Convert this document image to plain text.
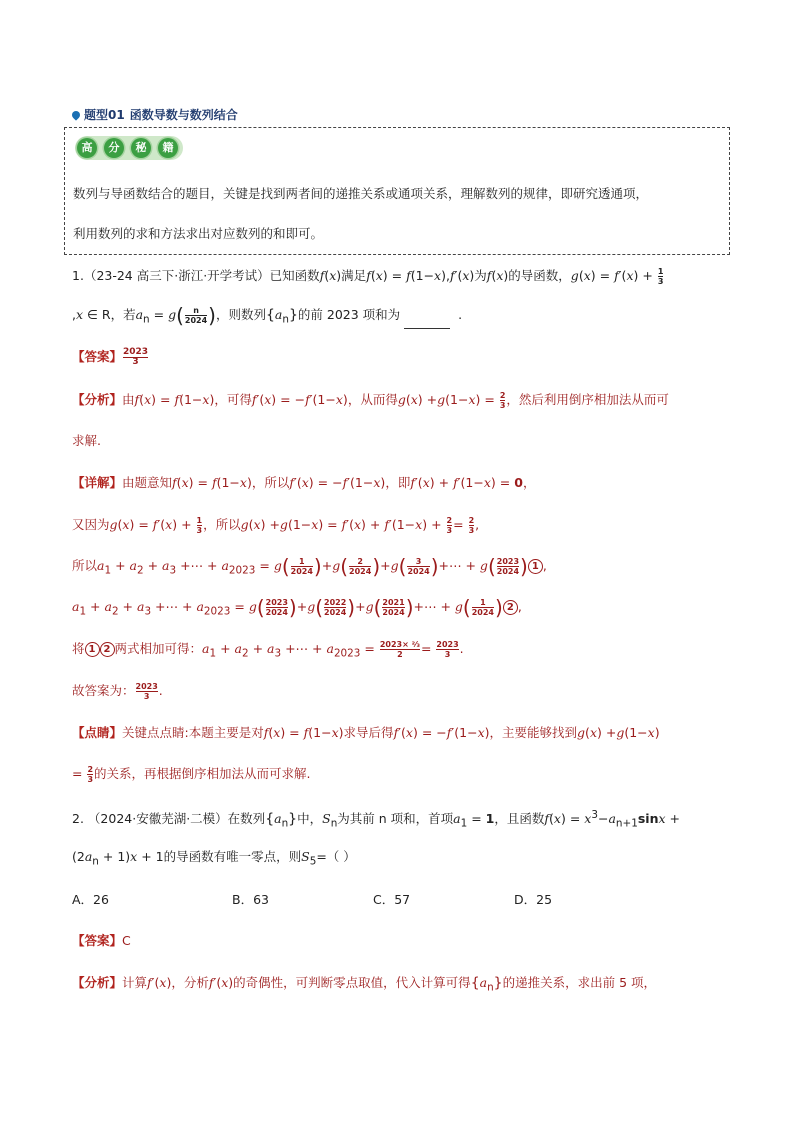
题型01 函数导数与数列结合
高	分	秘	籍
数列与导函数结合的题目，关键是找到两者间的递推关系或通项关系，理解数列的规律，即研究透通项，
利用数列的求和方法求出对应数列的和即可。
1.（23-24 高三下·浙江·开学考试）已知函数f(x)满足f(x) = f(1−x),f′(x)为f(x)的导函数，$g(x) = f'(x) + \frac{1}{3}$
,x ∈ R，若$a_n = g( \frac{n}{2024}$ )，则数列$\{a_n\}$的前 2023 项和为	.
【答案】 $\frac{2023}{3}$
【分析】由f(x) = f(1−x)，可得f′(x) = −f′(1−x)，从而得$g(x) +g(1-x) = \frac{2}{3}$ ，然后利用倒序相加法从而可
求解.
【详解】由题意知f(x) = f(1−x)，所以f′(x) = −f′(1−x)，即f′(x) + f′(1−x) = 0，
又因为$g(x) = f'(x) + \frac{1}{3}$ ，所以$g(x) +g(1-x) = f'(x) + f'(1-x) + \frac{2}{3} = \frac{2}{3}$ ,
所以$a_1 + a_2 + a_3$ +⋯ + $a_{2023} = g( \frac{1}{2024} )+g( \frac{2}{2024} )+g( \frac{3}{2024}$ )+⋯ + $g( \frac{2023}{2024}$ ) 1 ,
$a_1 + a_2 + a_3$ +⋯ + $a_{2023} = g( \frac{2023}{2024} )+g( \frac{2022}{2024} )+g( \frac{2021}{2024}$ )+⋯ + $g( \frac{1}{2024}$ ) 2 ,
将 1 2 两式相加可得：$a_1 + a_2 + a_3$ +⋯ + $a_{2023} = \frac{\text{2023× ²⁄₃}}{2} = \frac{2023}{3}$ .
故答案为： $\frac{2023}{3}$ .
【点睛】关键点点睛:本题主要是对f(x) = f(1−x)求导后得f′(x) = −f′(1−x)，主要能够找到g(x) +g(1−x)
= $\frac{2}{3}$ 的关系，再根据倒序相加法从而可求解.
2. （2024·安徽芜湖·二模）在数列$\{a_n\}$中，$S_n$为其前 n 项和，首项$a_1 = 1$，且函数$f(x) = x^3-a_{n+1}\sin x$ +
$(2a_n + 1)x + 1$的导函数有唯一零点，则$S_5=$（ ）
A．26	B．63	C．57	D．25
【答案】C
【分析】计算f′(x)，分析f′(x)的奇偶性，可判断零点取值，代入计算可得$\{a_n\}$的递推关系，求出前 5 项，
